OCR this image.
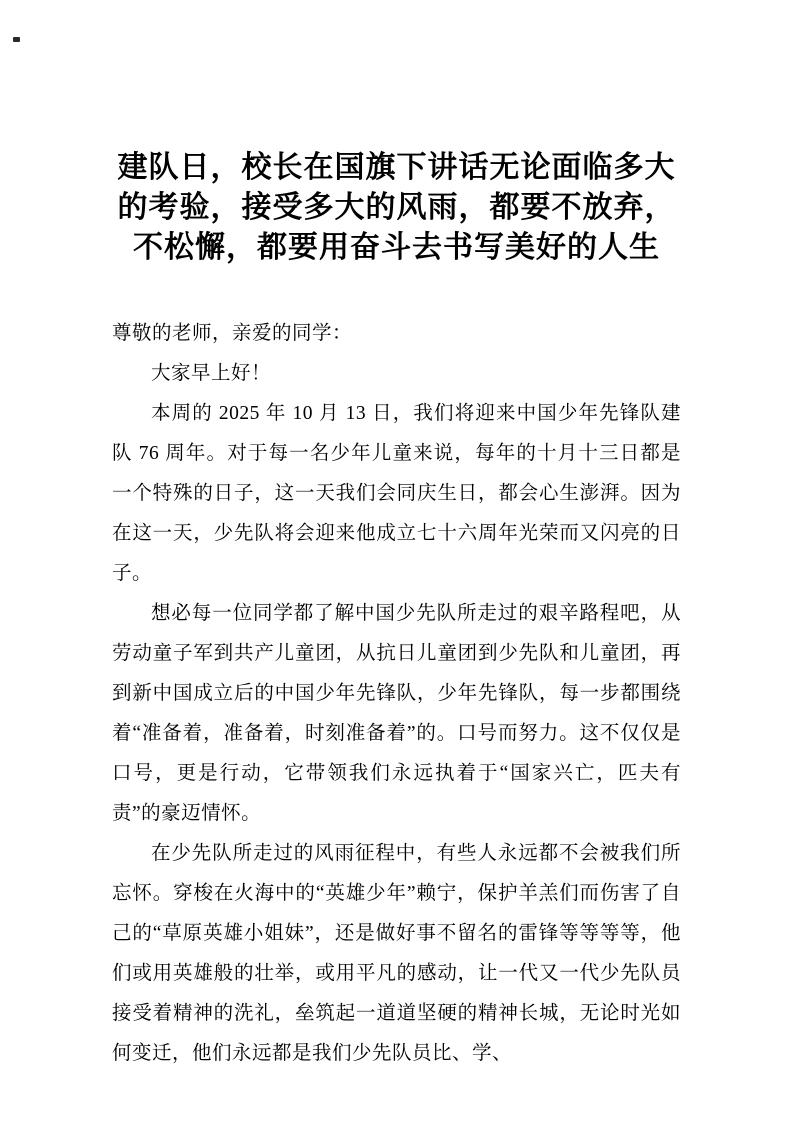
建队日，校长在国旗下讲话无论面临多大
的考验，接受多大的风雨，都要不放弃，
不松懈，都要用奋斗去书写美好的人生

尊敬的老师，亲爱的同学：

大家早上好！

本周的 2025 年 10 月 13 日，我们将迎来中国少年先锋队建队 76 周年。对于每一名少年儿童来说，每年的十月十三日都是一个特殊的日子，这一天我们会同庆生日，都会心生澎湃。因为在这一天，少先队将会迎来他成立七十六周年光荣而又闪亮的日子。

想必每一位同学都了解中国少先队所走过的艰辛路程吧，从劳动童子军到共产儿童团，从抗日儿童团到少先队和儿童团，再到新中国成立后的中国少年先锋队，少年先锋队，每一步都围绕着“准备着，准备着，时刻准备着”的。口号而努力。这不仅仅是口号，更是行动，它带领我们永远执着于“国家兴亡，匹夫有责”的豪迈情怀。

在少先队所走过的风雨征程中，有些人永远都不会被我们所忘怀。穿梭在火海中的“英雄少年”赖宁，保护羊羔们而伤害了自己的“草原英雄小姐妹”，还是做好事不留名的雷锋等等等等，他们或用英雄般的壮举，或用平凡的感动，让一代又一代少先队员接受着精神的洗礼，垒筑起一道道坚硬的精神长城，无论时光如何变迁，他们永远都是我们少先队员比、学、
